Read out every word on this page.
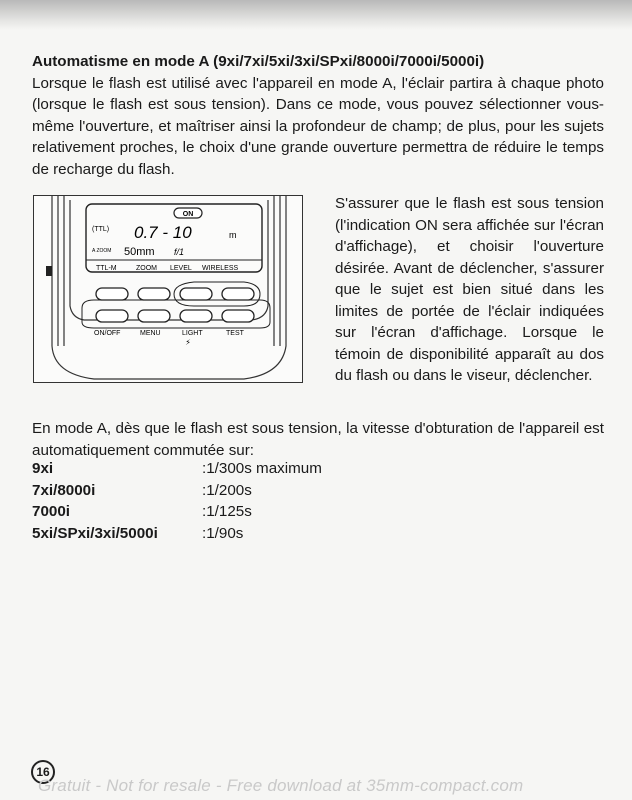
Automatisme en mode A (9xi/7xi/5xi/3xi/SPxi/8000i/7000i/5000i)
Lorsque le flash est utilisé avec l'appareil en mode A, l'éclair partira à chaque photo (lorsque le flash est sous tension). Dans ce mode, vous pouvez sélectionner vous-même l'ouverture, et maîtriser ainsi la profondeur de champ; de plus, pour les sujets relativement proches, le choix d'une grande ouverture permettra de réduire le temps de recharge du flash.
ON
(TTL) 0.7 - 10	m
A ZOOM 50mm f/1
TTL-M	ZOOM LEVEL WIRELESS
ON/OFF	MENU	LIGHT	TEST
⚡
S'assurer que le flash est sous tension (l'indication ON sera affichée sur l'écran d'affichage), et choisir l'ouverture désirée. Avant de déclencher, s'assurer que le sujet est bien situé dans les limites de portée de l'éclair indiquées sur l'écran d'affichage. Lorsque le témoin de disponibilité apparaît au dos du flash ou dans le viseur, déclencher.
En mode A, dès que le flash est sous tension, la vitesse d'obturation de l'appareil est automatiquement commutée sur:
9xi	:1/300s maximum
7xi/8000i	:1/200s
7000i	:1/125s
5xi/SPxi/3xi/5000i	:1/90s
16
Gratuit - Not for resale - Free download at 35mm-compact.com
